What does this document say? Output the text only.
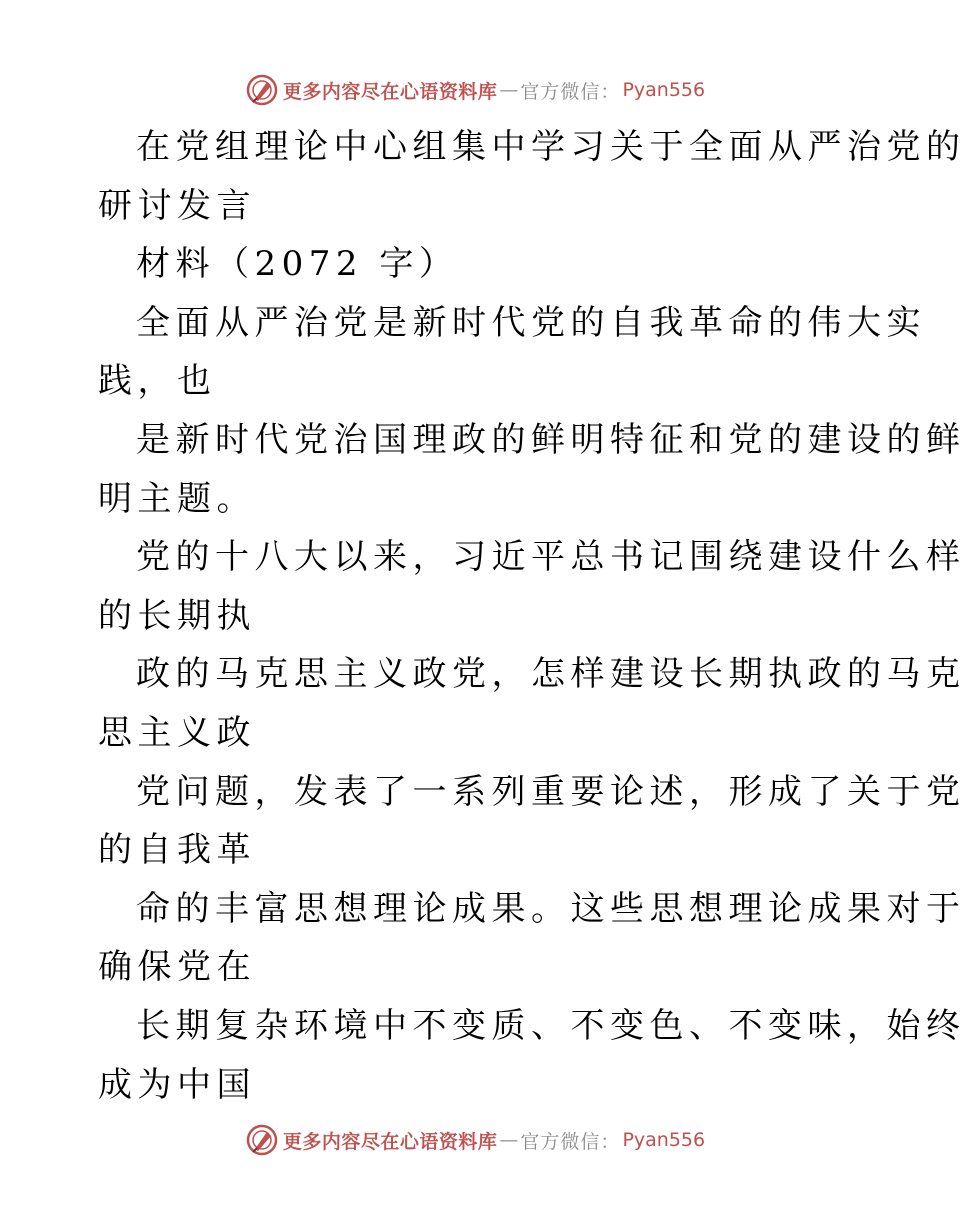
更多内容尽在心语资料库 — 官方微信： Pyan556
在党组理论中心组集中学习关于全面从严治党的
研讨发言
材料（2072 字）
全面从严治党是新时代党的自我革命的伟大实
践，也
是新时代党治国理政的鲜明特征和党的建设的鲜
明主题。
党的十八大以来，习近平总书记围绕建设什么样
的长期执
政的马克思主义政党，怎样建设长期执政的马克
思主义政
党问题，发表了一系列重要论述，形成了关于党
的自我革
命的丰富思想理论成果。这些思想理论成果对于
确保党在
长期复杂环境中不变质、不变色、不变味，始终
成为中国
更多内容尽在心语资料库 — 官方微信： Pyan556
